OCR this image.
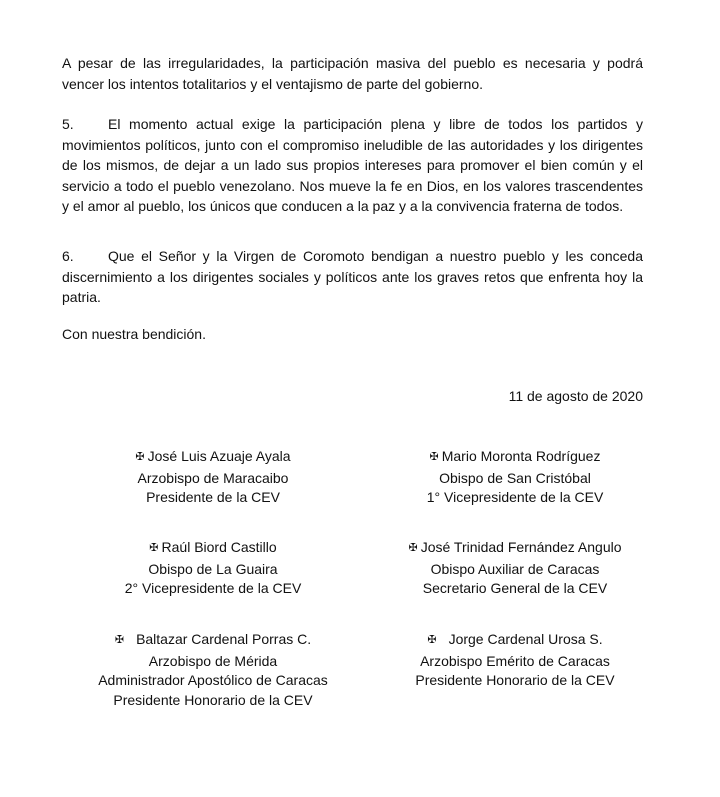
A pesar de las irregularidades, la participación masiva del pueblo es necesaria y podrá vencer los intentos totalitarios y el ventajismo de parte del gobierno.

5. El momento actual exige la participación plena y libre de todos los partidos y movimientos políticos, junto con el compromiso ineludible de las autoridades y los dirigentes de los mismos, de dejar a un lado sus propios intereses para promover el bien común y el servicio a todo el pueblo venezolano. Nos mueve la fe en Dios, en los valores trascendentes y el amor al pueblo, los únicos que conducen a la paz y a la convivencia fraterna de todos.

6. Que el Señor y la Virgen de Coromoto bendigan a nuestro pueblo y les conceda discernimiento a los dirigentes sociales y políticos ante los graves retos que enfrenta hoy la patria.

Con nuestra bendición.

11 de agosto de 2020

✠ José Luis Azuaje Ayala
Arzobispo de Maracaibo
Presidente de la CEV
✠ Mario Moronta Rodríguez
Obispo de San Cristóbal
1° Vicepresidente de la CEV
✠ Raúl Biord Castillo
Obispo de La Guaira
2° Vicepresidente de la CEV
✠ José Trinidad Fernández Angulo
Obispo Auxiliar de Caracas
Secretario General de la CEV
✠ Baltazar Cardenal Porras C.
Arzobispo de Mérida
Administrador Apostólico de Caracas
Presidente Honorario de la CEV
✠ Jorge Cardenal Urosa S.
Arzobispo Emérito de Caracas
Presidente Honorario de la CEV
